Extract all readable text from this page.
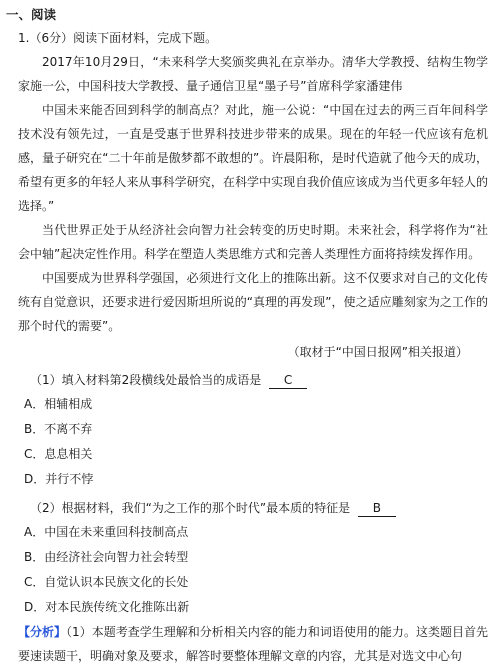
一、阅读
1.（6分）阅读下面材料，完成下题。

2017年10月29日，“未来科学大奖颁奖典礼在京举办。清华大学教授、结构生物学家施一公，中国科技大学教授、量子通信卫星“墨子号”首席科学家潘建伟

中国未来能否回到科学的制高点？对此，施一公说：“中国在过去的两三百年间科学技术没有领先过，一直是受惠于世界科技进步带来的成果。现在的年轻一代应该有危机感，量子研究在“二十年前是傲梦都不敢想的”。许晨阳称，是时代造就了他今天的成功，希望有更多的年轻人来从事科学研究，在科学中实现自我价值应该成为当代更多年轻人的选择。”

当代世界正处于从经济社会向智力社会转变的历史时期。未来社会，科学将作为“社会中轴”起决定性作用。科学在塑造人类思维方式和完善人类理性方面将持续发挥作用。

中国要成为世界科学强国，必须进行文化上的推陈出新。这不仅要求对自己的文化传统有自觉意识，还要求进行爱因斯坦所说的“真理的再发现”，使之适应雕刻家为之工作的那个时代的需要”。

（取材于“中国日报网”相关报道）
（1）填入材料第2段横线处最恰当的成语是 C
A．相辅相成
B．不离不弃
C．息息相关
D．并行不悖
（2）根据材料，我们“为之工作的那个时代”最本质的特征是 B
A．中国在未来重回科技制高点
B．由经济社会向智力社会转型
C．自觉认识本民族文化的长处
D．对本民族传统文化推陈出新

【分析】（1）本题考查学生理解和分析相关内容的能力和词语使用的能力。这类题目首先要速读题干，明确对象及要求，解答时要整体理解文章的内容，尤其是对选文中心句
